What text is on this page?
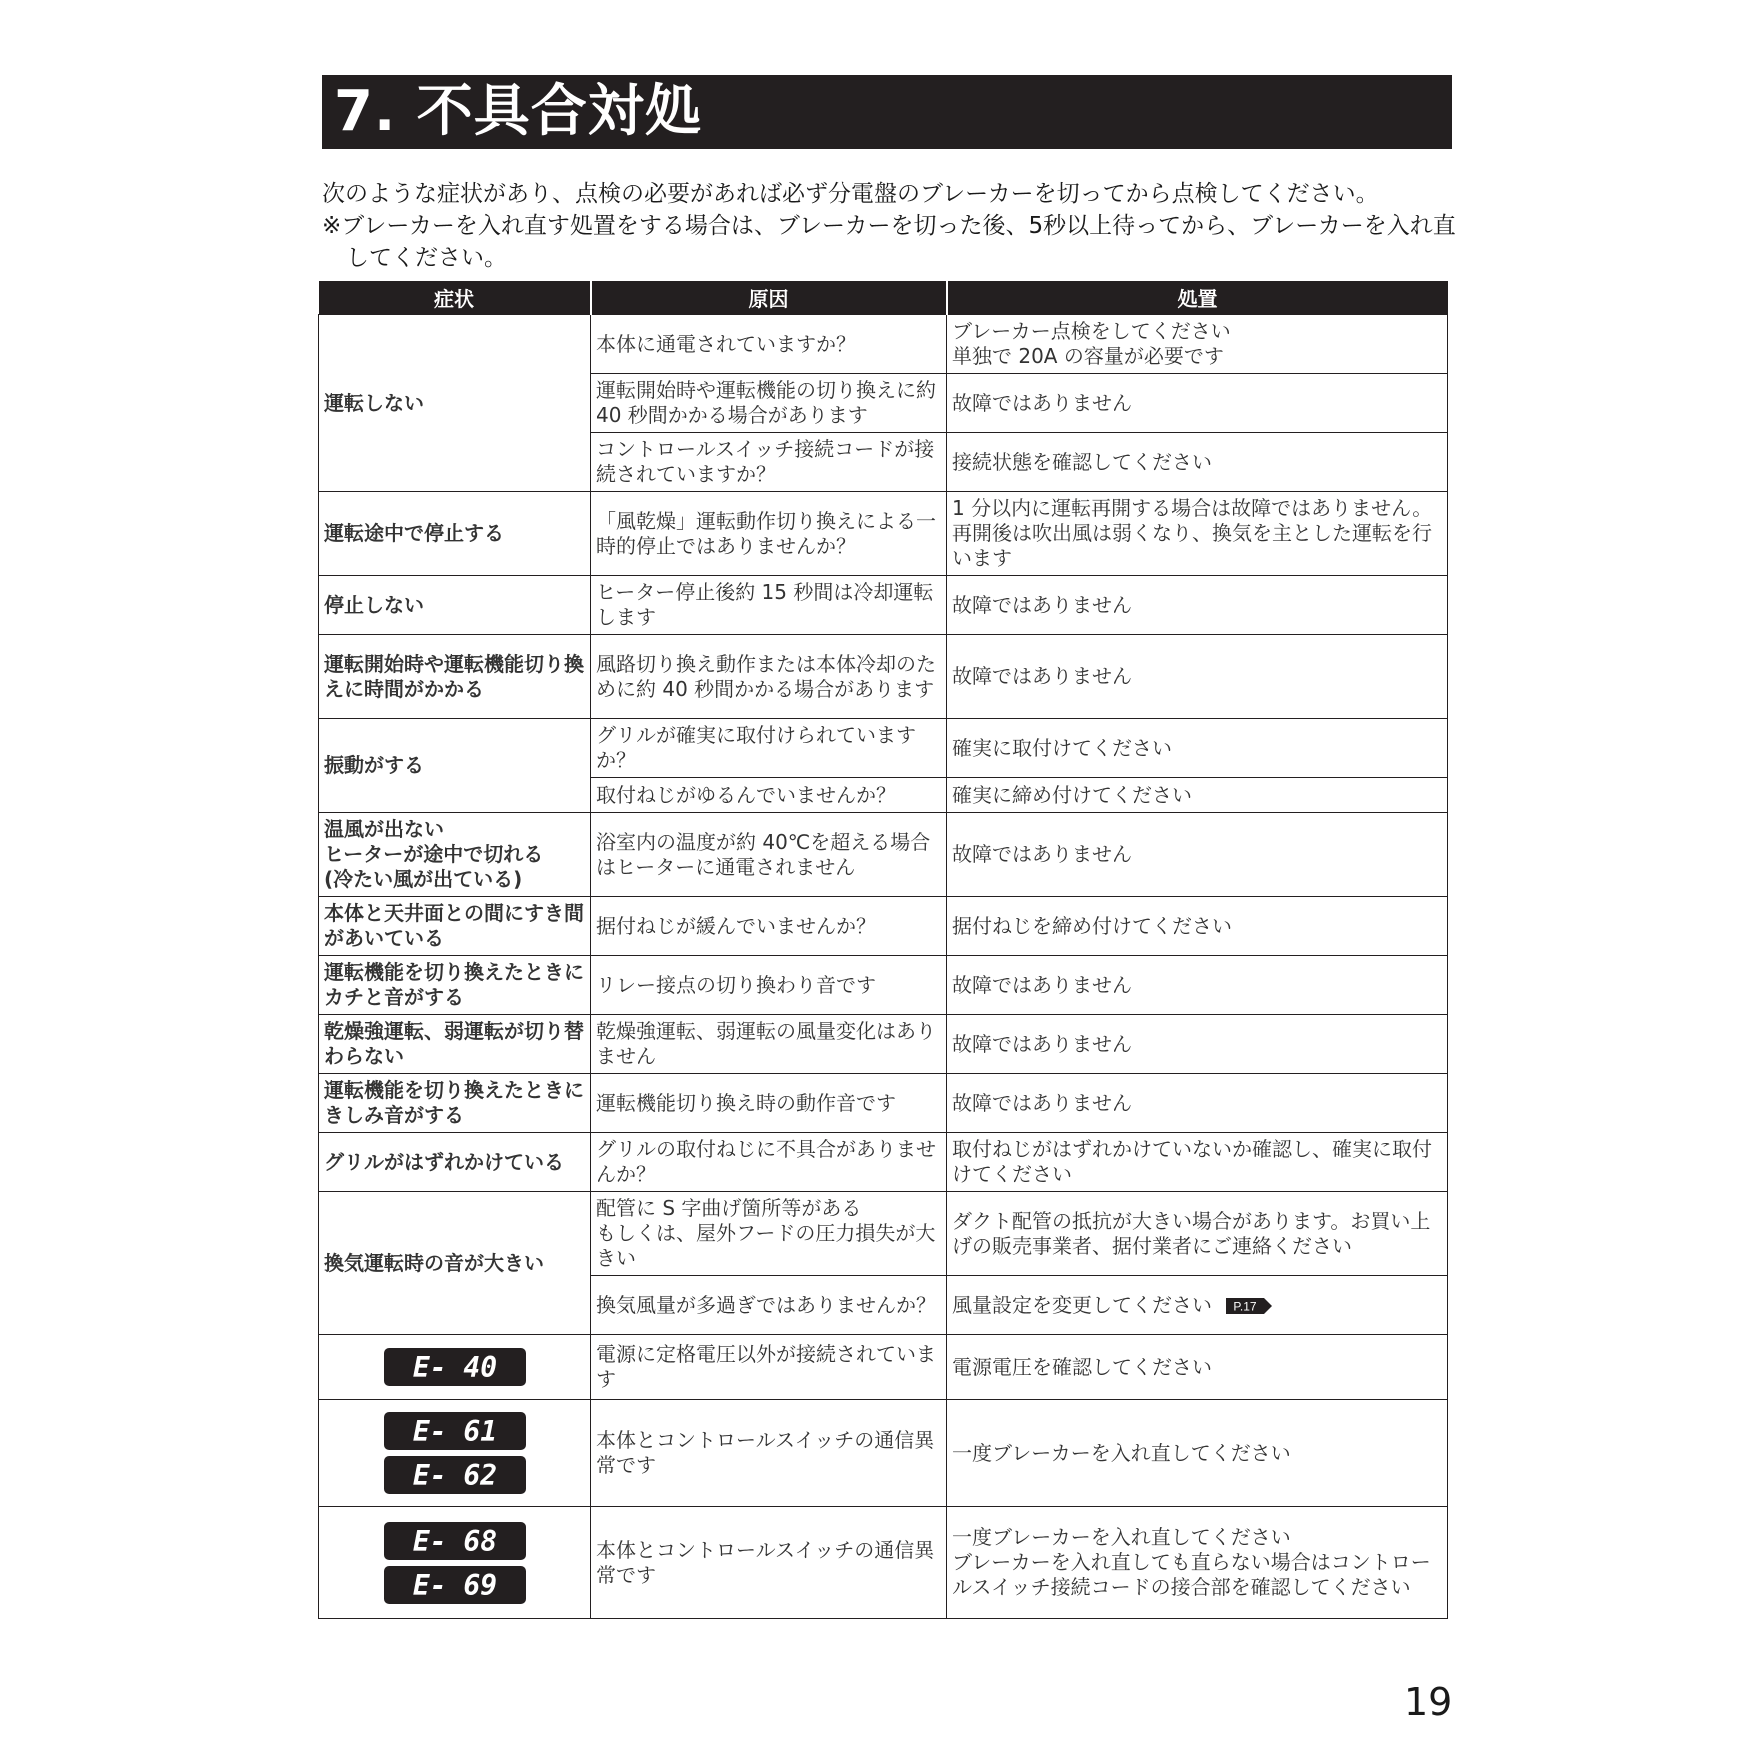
7. 不具合対処

次のような症状があり、点検の必要があれば必ず分電盤のブレーカーを切ってから点検してください。

※ブレーカーを入れ直す処置をする場合は、ブレーカーを切った後、5秒以上待ってから、ブレーカーを入れ直してください。

症状	原因	処置
運転しない	本体に通電されていますか？	ブレーカー点検をしてください
単独で 20A の容量が必要です
	運転開始時や運転機能の切り換えに約 40 秒間かかる場合があります	故障ではありません
	コントロールスイッチ接続コードが接続されていますか？	接続状態を確認してください
運転途中で停止する	「風乾燥」運転動作切り換えによる一時的停止ではありませんか？	1 分以内に運転再開する場合は故障ではありません。再開後は吹出風は弱くなり、換気を主とした運転を行います
停止しない	ヒーター停止後約 15 秒間は冷却運転します	故障ではありません
運転開始時や運転機能切り換えに時間がかかる	風路切り換え動作または本体冷却のために約 40 秒間かかる場合があります	故障ではありません
振動がする	グリルが確実に取付けられていますか？	確実に取付けてください
	取付ねじがゆるんでいませんか？	確実に締め付けてください
温風が出ない
ヒーターが途中で切れる
(冷たい風が出ている)	浴室内の温度が約 40℃を超える場合はヒーターに通電されません	故障ではありません
本体と天井面との間にすき間があいている	据付ねじが緩んでいませんか？	据付ねじを締め付けてください
運転機能を切り換えたときにカチと音がする	リレー接点の切り換わり音です	故障ではありません
乾燥強運転、弱運転が切り替わらない	乾燥強運転、弱運転の風量変化はありません	故障ではありません
運転機能を切り換えたときにきしみ音がする	運転機能切り換え時の動作音です	故障ではありません
グリルがはずれかけている	グリルの取付ねじに不具合がありませんか？	取付ねじがはずれかけていないか確認し、確実に取付けてください
換気運転時の音が大きい	配管に S 字曲げ箇所等がある
もしくは、屋外フードの圧力損失が大きい	ダクト配管の抵抗が大きい場合があります。お買い上げの販売事業者、据付業者にご連絡ください
	換気風量が多過ぎではありませんか？	風量設定を変更してください P.17

E- 40	電源に定格電圧以外が接続されています	電源電圧を確認してください

E- 61
E- 62	本体とコントロールスイッチの通信異常です	一度ブレーカーを入れ直してください

E- 68
E- 69	本体とコントロールスイッチの通信異常です	一度ブレーカーを入れ直してください
ブレーカーを入れ直しても直らない場合はコントロールスイッチ接続コードの接合部を確認してください
19
